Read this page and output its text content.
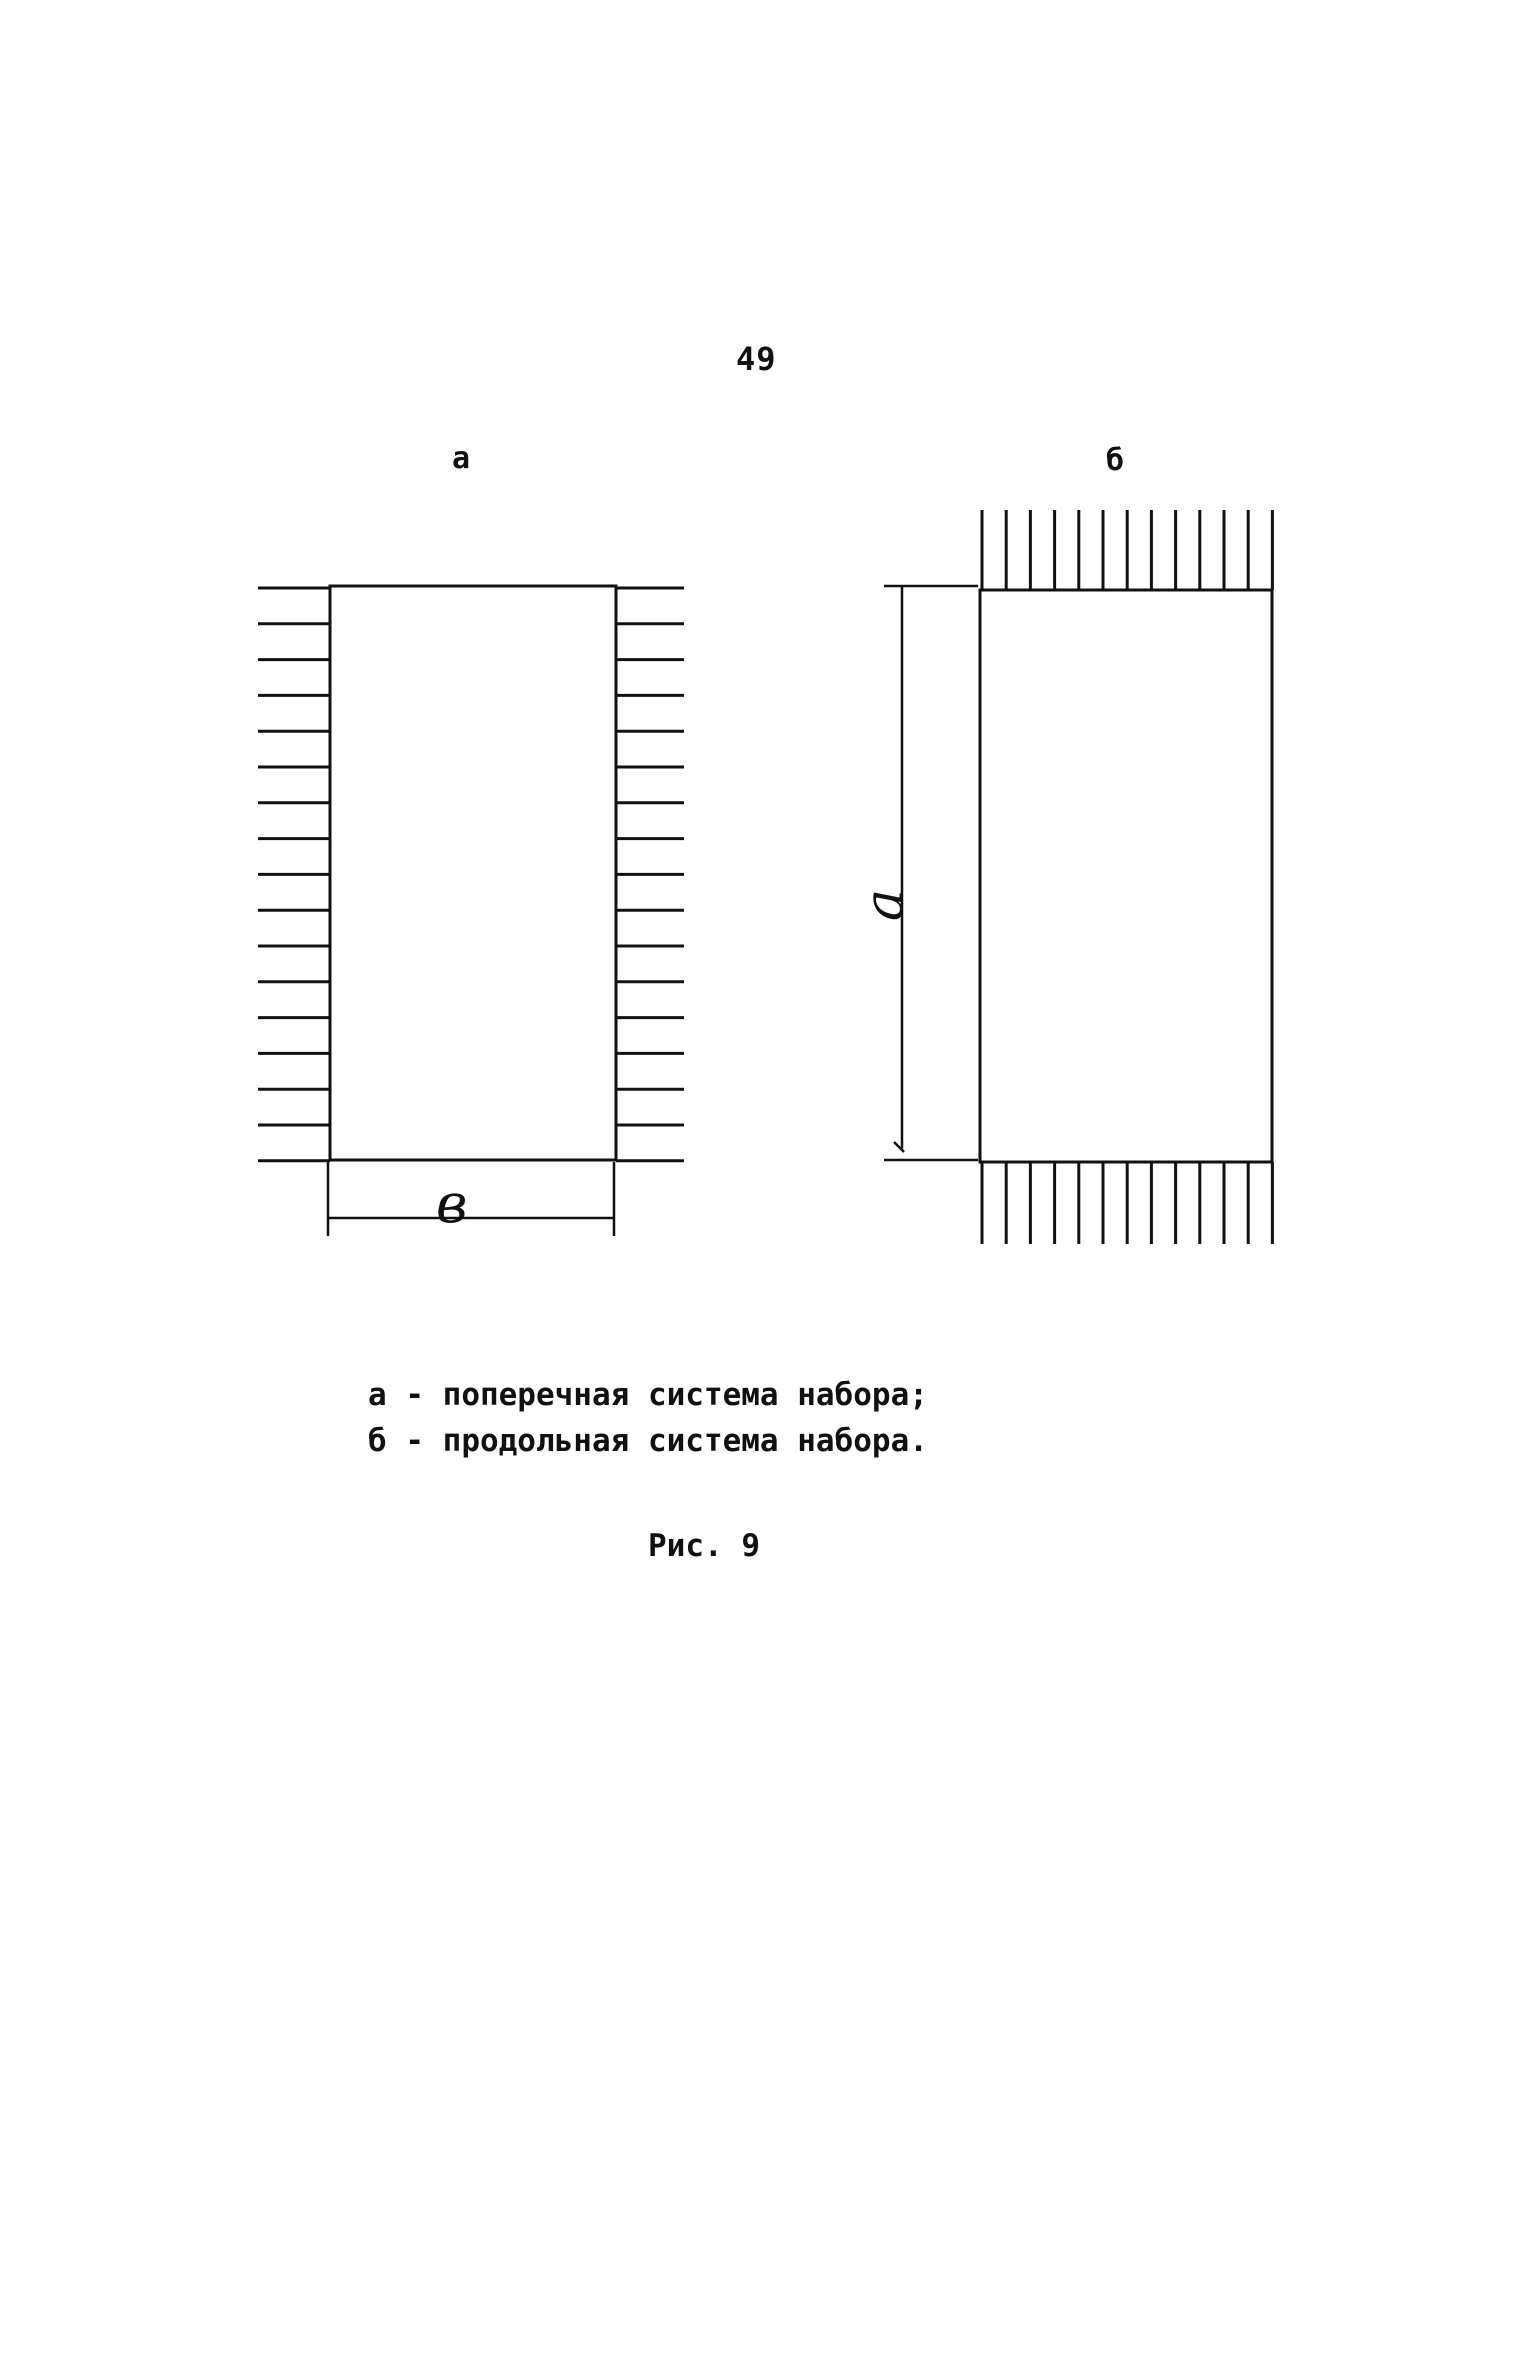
49
а	б
в
a
а - поперечная система набора;
б - продольная система набора.
Рис. 9
